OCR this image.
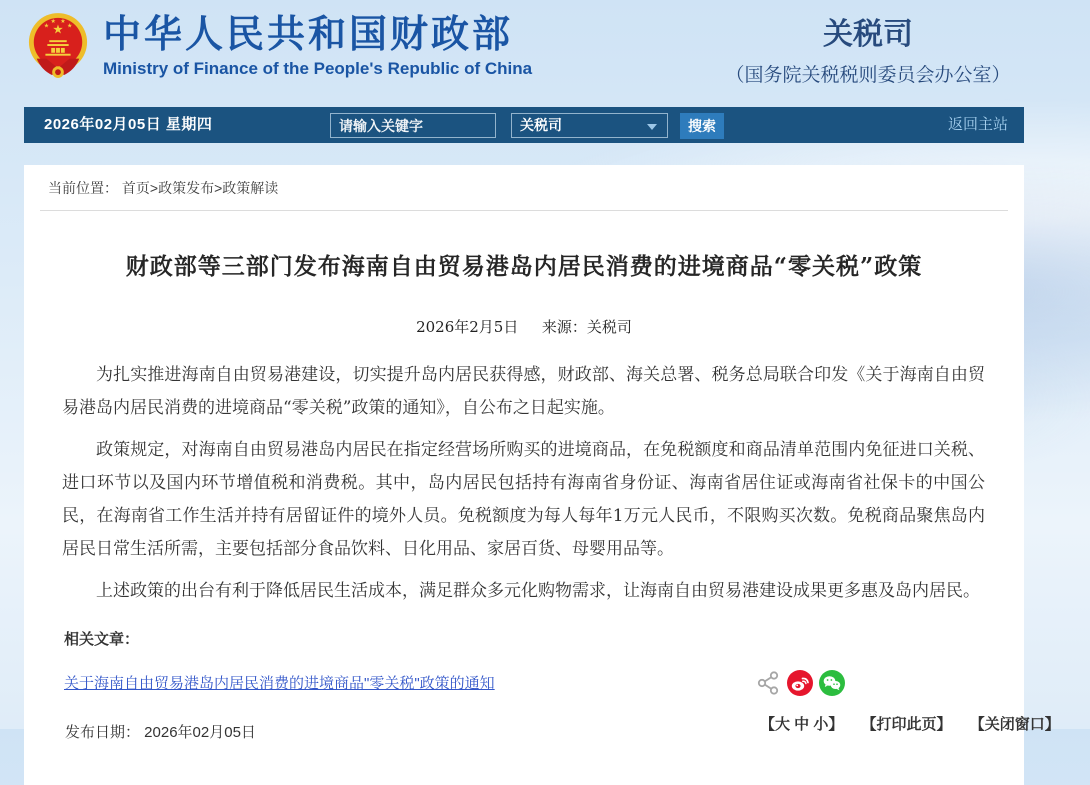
★
★
★ ★
★ 中华人民共和国财政部
Ministry of Finance of the People's Republic of China
关税司
（国务院关税税则委员会办公室）
2026年02月05日 星期四
请输入关键字	关税司	搜索	返回主站
当前位置： 首页>政策发布>政策解读
财政部等三部门发布海南自由贸易港岛内居民消费的进境商品“零关税”政策
2026年2月5日 来源：关税司

为扎实推进海南自由贸易港建设，切实提升岛内居民获得感，财政部、海关总署、税务总局联合印发《关于海南自由贸易港岛内居民消费的进境商品“零关税”政策的通知》，自公布之日起实施。

政策规定，对海南自由贸易港岛内居民在指定经营场所购买的进境商品，在免税额度和商品清单范围内免征进口关税、进口环节以及国内环节增值税和消费税。其中，岛内居民包括持有海南省身份证、海南省居住证或海南省社保卡的中国公民，在海南省工作生活并持有居留证件的境外人员。免税额度为每人每年1万元人民币，不限购买次数。免税商品聚焦岛内居民日常生活所需，主要包括部分食品饮料、日化用品、家居百货、母婴用品等。

上述政策的出台有利于降低居民生活成本，满足群众多元化购物需求，让海南自由贸易港建设成果更多惠及岛内居民。

相关文章：
关于海南自由贸易港岛内居民消费的进境商品"零关税"政策的通知
发布日期： 2026年02月05日	【大 中 小】 【打印此页】 【关闭窗口】
